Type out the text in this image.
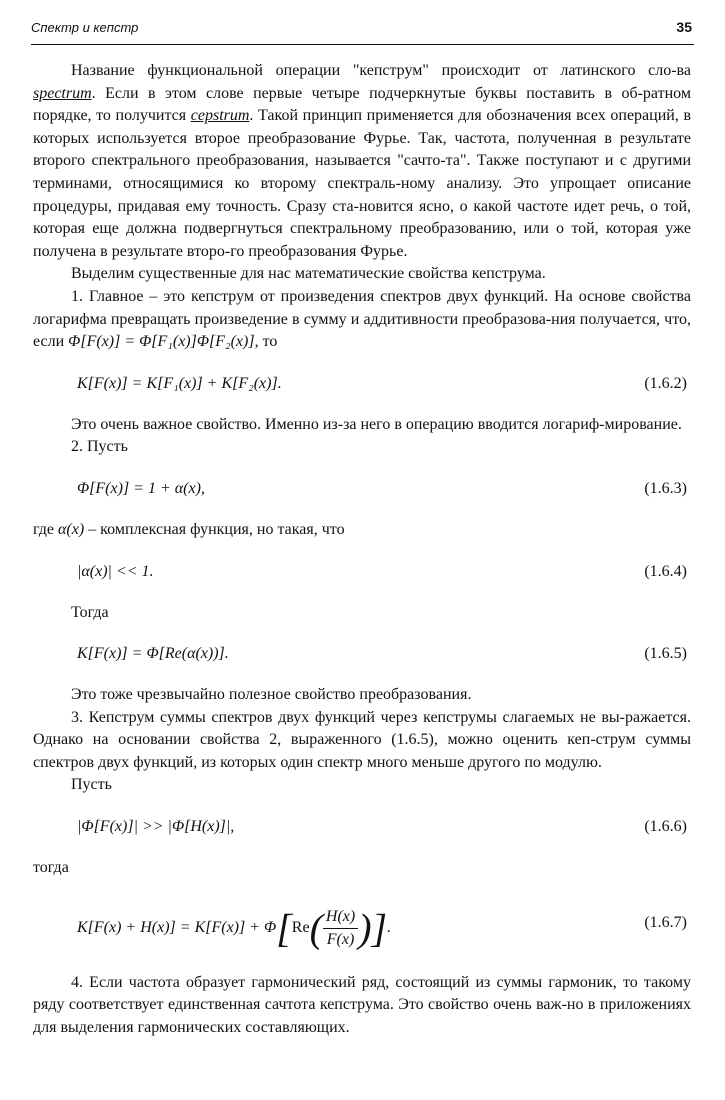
Спектр и кепстр	35

Название функциональной операции "кепструм" происходит от латинского сло-ва spectrum. Если в этом слове первые четыре подчеркнутые буквы поставить в об-ратном порядке, то получится cepstrum. Такой принцип применяется для обозначения всех операций, в которых используется второе преобразование Фурье. Так, частота, полученная в результате второго спектрального преобразования, называется "сачто-та". Также поступают и с другими терминами, относящимися ко второму спектраль-ному анализу. Это упрощает описание процедуры, придавая ему точность. Сразу ста-новится ясно, о какой частоте идет речь, о той, которая еще должна подвергнуться спектральному преобразованию, или о той, которая уже получена в результате второ-го преобразования Фурье.

Выделим существенные для нас математические свойства кепструма.

1. Главное – это кепструм от произведения спектров двух функций. На основе свойства логарифма превращать произведение в сумму и аддитивности преобразова-ния получается, что, если Φ[F(x)] = Φ[F₁(x)]Φ[F₂(x)], то

K[F(x)] = K[F₁(x)] + K[F₂(x)].	(1.6.2)

Это очень важное свойство. Именно из-за него в операцию вводится логариф-мирование.

2. Пусть

Φ[F(x)] = 1 + α(x),	(1.6.3)

где α(x) – комплексная функция, но такая, что

|α(x)| << 1.	(1.6.4)

Тогда

K[F(x)] = Φ[Re(α(x))].	(1.6.5)

Это тоже чрезвычайно полезное свойство преобразования.

3. Кепструм суммы спектров двух функций через кепструмы слагаемых не вы-ражается. Однако на основании свойства 2, выраженного (1.6.5), можно оценить кеп-струм суммы спектров двух функций, из которых один спектр много меньше другого по модулю.

Пусть

|Φ[F(x)]| >> |Φ[H(x)]|,	(1.6.6)

тогда

$K[F(x) + H(x)] = K[F(x)] + \Phi[Re( \frac{H(x)}{F(x)}$ )].	(1.6.7)

4. Если частота образует гармонический ряд, состоящий из суммы гармоник, то такому ряду соответствует единственная сачтота кепструма. Это свойство очень важ-но в приложениях для выделения гармонических составляющих.
